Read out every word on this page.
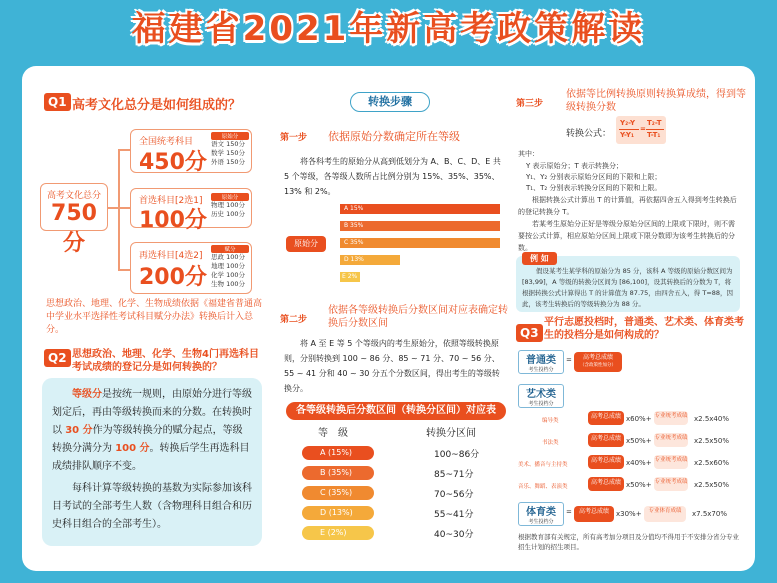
福建省2021年新高考政策解读
Q1 高考文化总分是如何组成的？
高考文化总分
750分
全国统考科目
450分
原始分
语文 150分
数学 150分
外语 150分
首选科目[2选1]
100分
原始分
物理 100分
历史 100分
再选科目[4选2]
200分
赋分
思政 100分
地理 100分
化学 100分
生物 100分
思想政治、地理、化学、生物成绩依据《福建省普通高中学业水平选择性考试科目赋分办法》转换后计入总分。
Q2 思想政治、地理、化学、生物4门再选科目考试成绩的登记分是如何转换的？
等级分是按统一规则，由原始分进行等级划定后，再由等级转换而来的分数。在转换时以 30 分作为等级转换分的赋分起点，等级转换分满分为 100 分。转换后学生再选科目成绩排队顺序不变。
每科计算等级转换的基数为实际参加该科目考试的全部考生人数（含物理科目组合和历史科目组合的全部考生）。
转换步骤
第一步 依据原始分数确定所在等级
将各科考生的原始分从高到低划分为 A、B、C、D、E 共 5 个等级，各等级人数所占比例分别为 15%、35%、35%、13% 和 2%。
原始分
A 15%
B 35%
C 35%
D 13%
E 2%
第二步
依据各等级转换后分数区间对应表确定转换后分数区间
将 A 至 E 等 5 个等级内的考生原始分，依照等级转换原则，分别转换到 100 ~ 86 分、85 ~ 71 分、70 ~ 56 分、55 ~ 41 分和 40 ~ 30 分五个分数区间，得出考生的等级转换分。
各等级转换后分数区间（转换分区间）对应表
等　级	转换分区间
A (15%)	100~86分
B (35%)	85~71分
C (35%)	70~56分
D (13%)	55~41分
E (2%)	40~30分
第三步
依据等比例转换原则转换算成绩，得到等级转换分数
转换公式：
Y₂-Y
Y-Y₁
=
T₂-T
T-T₁
其中：
Y 表示原始分；T 表示转换分；
Y₁、Y₂ 分别表示原始分区间的下限和上限；
T₁、T₂ 分别表示转换分区间的下限和上限。
根据转换公式计算出 T 的计算值，再依据四舍五入得到考生转换后的登记转换分 T。
若某考生原始分正好是等级分原始分区间的上限或下限时，则不需要按公式计算，相应原始分区间上限或下限分数即为该考生转换后的分数。
例 如
假设某考生某学科的原始分为 85 分，该科 A 等级的原始分数区间为 [83,99]，A 等级的转换分区间为 [86,100]，设其转换后的分数为 T，将根据转换公式计算得出 T 的计算值为 87.75，由四舍五入，得 T=88，因此，该考生转换后的等级转换分为 88 分。
Q3
平行志愿投档时，普通类、艺术类、体育类考生的投档分是如何构成的？
普通类
考生投档分
=	高考总成绩
（含政策性加分）
艺术类
考生投档分
编导类
高考总成绩 x60%+ 专业统考成绩 x2.5x40%
书法类
高考总成绩 x50%+ 专业统考成绩 x2.5x50%
美术、播音与主持类
高考总成绩 x40%+ 专业统考成绩 x2.5x60%
音乐、舞蹈、表演类
高考总成绩 x50%+ 专业统考成绩 x2.5x50%
体育类
考生投档分
=	高考总成绩	x30%+	专业体育成绩	x7.5x70%
根据教育部有关规定，所有高考加分项目及分值均不得用于不安排分省分专业招生计划的招生项目。
